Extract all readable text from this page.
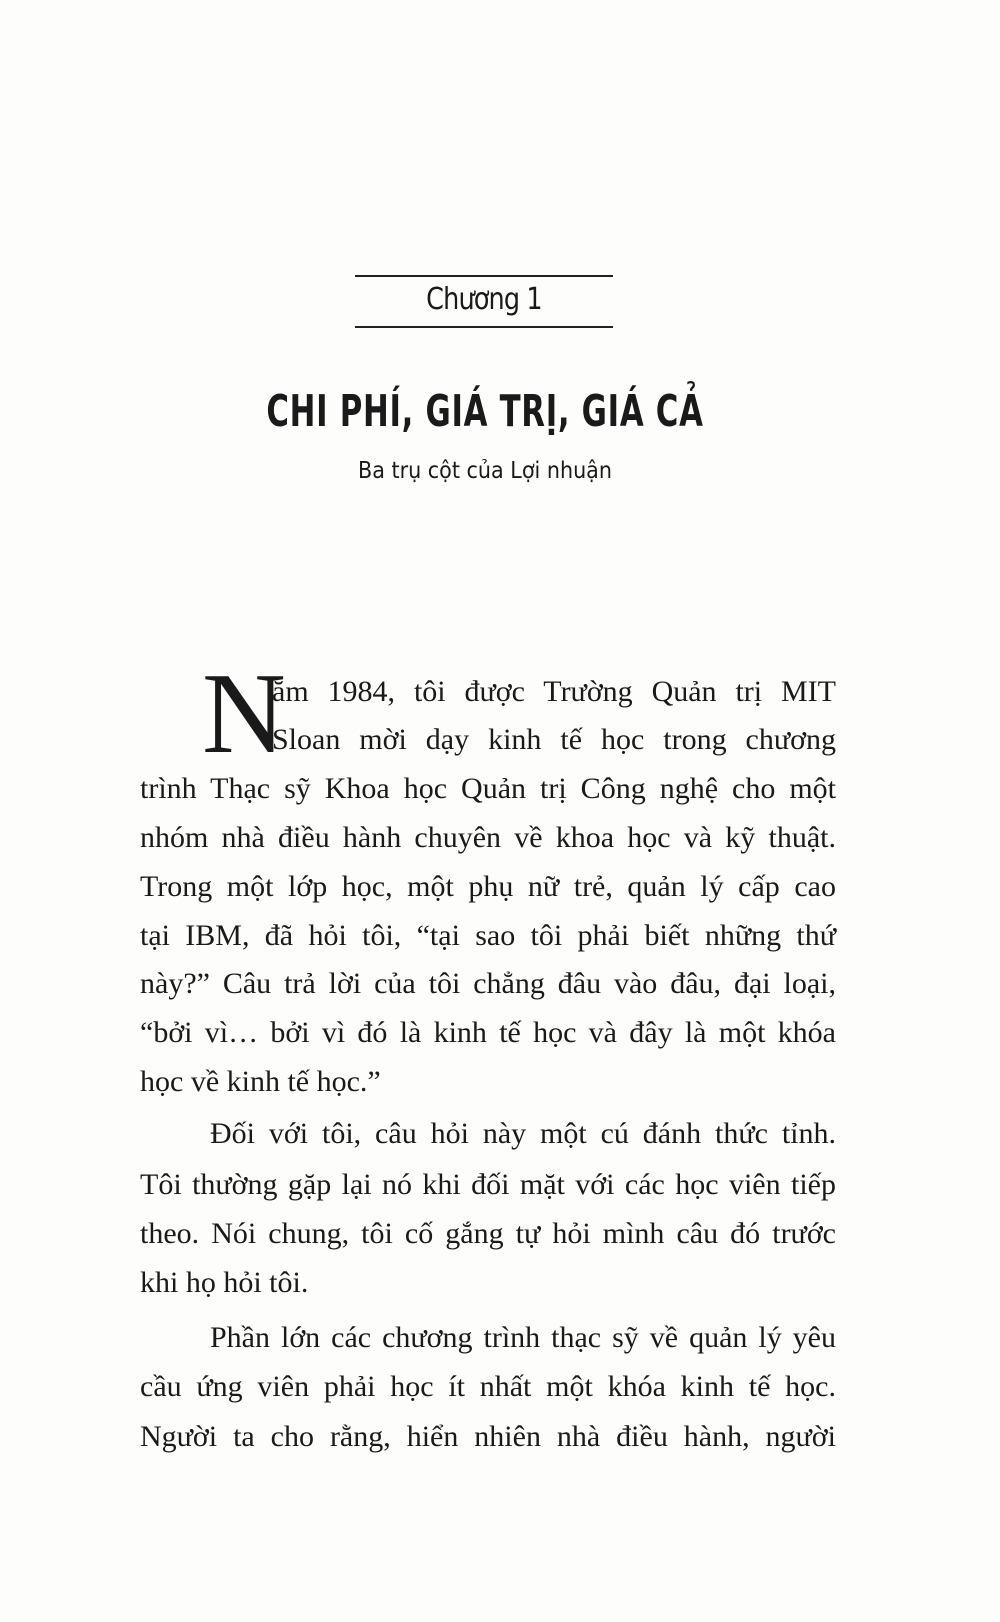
Chương 1
CHI PHÍ, GIÁ TRỊ, GIÁ CẢ
Ba trụ cột của Lợi nhuận
N
ăm 1984, tôi được Trường Quản trị MIT
Sloan mời dạy kinh tế học trong chương
trình Thạc sỹ Khoa học Quản trị Công nghệ cho một
nhóm nhà điều hành chuyên về khoa học và kỹ thuật.
Trong một lớp học, một phụ nữ trẻ, quản lý cấp cao
tại IBM, đã hỏi tôi, “tại sao tôi phải biết những thứ
này?” Câu trả lời của tôi chẳng đâu vào đâu, đại loại,
“bởi vì… bởi vì đó là kinh tế học và đây là một khóa
học về kinh tế học.”
Đối với tôi, câu hỏi này một cú đánh thức tỉnh.
Tôi thường gặp lại nó khi đối mặt với các học viên tiếp
theo. Nói chung, tôi cố gắng tự hỏi mình câu đó trước
khi họ hỏi tôi.
Phần lớn các chương trình thạc sỹ về quản lý yêu
cầu ứng viên phải học ít nhất một khóa kinh tế học.
Người ta cho rằng, hiển nhiên nhà điều hành, người
